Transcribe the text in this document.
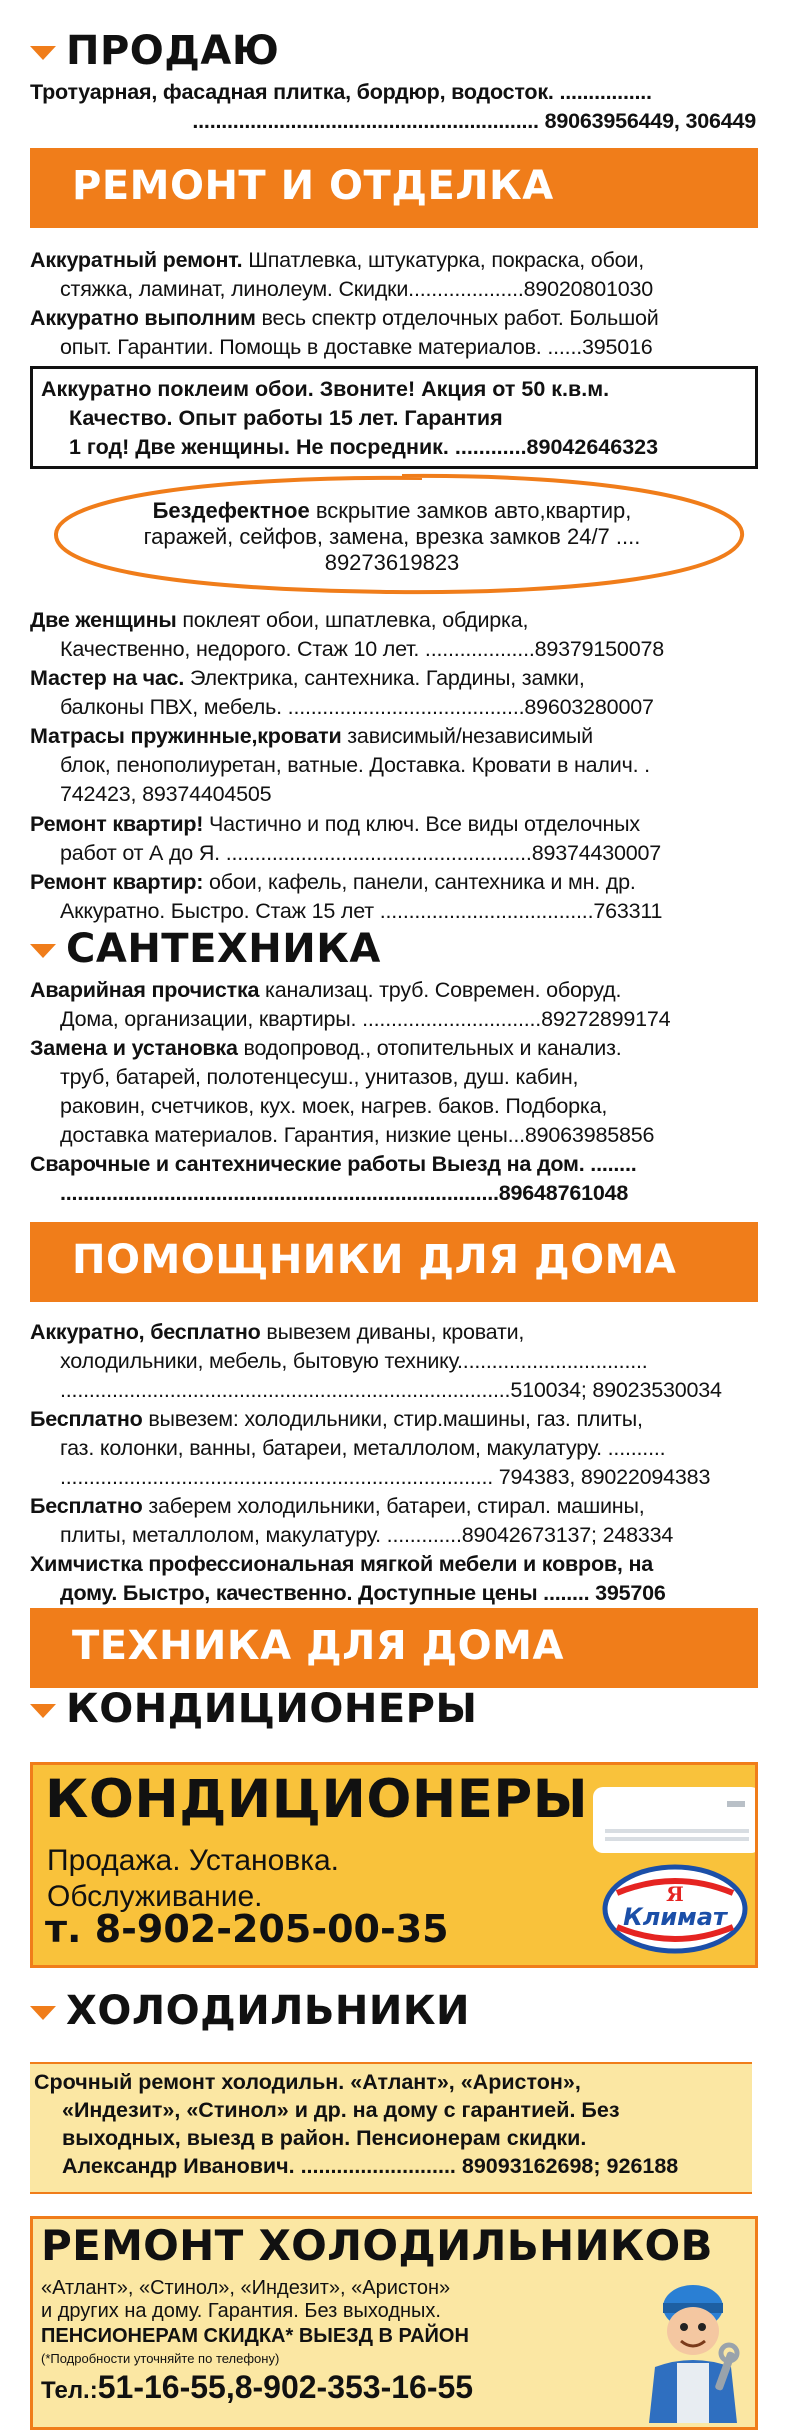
ПРОДАЮ
Тротуарная, фасадная плитка, бордюр, водосток. ................
............................................................ 89063956449, 306449
РЕМОНТ И ОТДЕЛКА
Аккуратный ремонт. Шпатлевка, штукатурка, покраска, обои,
стяжка, ламинат, линолеум. Скидки....................89020801030
Аккуратно выполним весь спектр отделочных работ. Большой
опыт. Гарантии. Помощь в доставке материалов. ......395016
Аккуратно поклеим обои. Звоните! Акция от 50 к.в.м.
Качество. Опыт работы 15 лет. Гарантия
1 год! Две женщины. Не посредник. ............89042646323
Бездефектное вскрытие замков авто,квартир,
гаражей, сейфов, замена, врезка замков 24/7 ....
89273619823
Две женщины поклеят обои, шпатлевка, обдирка,
Качественно, недорого. Стаж 10 лет. ...................89379150078
Мастер на час. Электрика, сантехника. Гардины, замки,
балконы ПВХ, мебель. .........................................89603280007
Матрасы пружинные,кровати зависимый/независимый
блок, пенополиуретан, ватные. Доставка. Кровати в налич. .
742423, 89374404505
Ремонт квартир! Частично и под ключ. Все виды отделочных
работ от А до Я. .....................................................89374430007
Ремонт квартир: обои, кафель, панели, сантехника и мн. др.
Аккуратно. Быстро. Стаж 15 лет .....................................763311
САНТЕХНИКА
Аварийная прочистка канализац. труб. Современ. оборуд.
Дома, организации, квартиры. ...............................89272899174
Замена и установка водопровод., отопительных и канализ.
труб, батарей, полотенцесуш., унитазов, душ. кабин,
раковин, счетчиков, кух. моек, нагрев. баков. Подборка,
доставка материалов. Гарантия, низкие цены...89063985856
Сварочные и сантехнические работы Выезд на дом. ........
............................................................................89648761048
ПОМОЩНИКИ ДЛЯ ДОМА
Аккуратно, бесплатно вывезем диваны, кровати,
холодильники, мебель, бытовую технику.................................
..............................................................................510034; 89023530034
Бесплатно вывезем: холодильники, стир.машины, газ. плиты,
газ. колонки, ванны, батареи, металлолом, макулатуру. ..........
........................................................................... 794383, 89022094383
Бесплатно заберем холодильники, батареи, стирал. машины,
плиты, металлолом, макулатуру. .............89042673137; 248334
Химчистка профессиональная мягкой мебели и ковров, на
дому. Быстро, качественно. Доступные цены ........ 395706
ТЕХНИКА ДЛЯ ДОМА
КОНДИЦИОНЕРЫ
КОНДИЦИОНЕРЫ
Продажа. Установка.
Обслуживание.
т. 8-902-205-00-35
Я
Климат
ХОЛОДИЛЬНИКИ
Срочный ремонт холодильн. «Атлант», «Аристон»,
«Индезит», «Стинол» и др. на дому с гарантией. Без
выходных, выезд в район. Пенсионерам скидки.
Александр Иванович. .......................... 89093162698; 926188
РЕМОНТ ХОЛОДИЛЬНИКОВ
«Атлант», «Стинол», «Индезит», «Аристон»
и других на дому. Гарантия. Без выходных.
ПЕНСИОНЕРАМ СКИДКА* ВЫЕЗД В РАЙОН
(*Подробности уточняйте по телефону)
Тел.:51-16-55,8-902-353-16-55
